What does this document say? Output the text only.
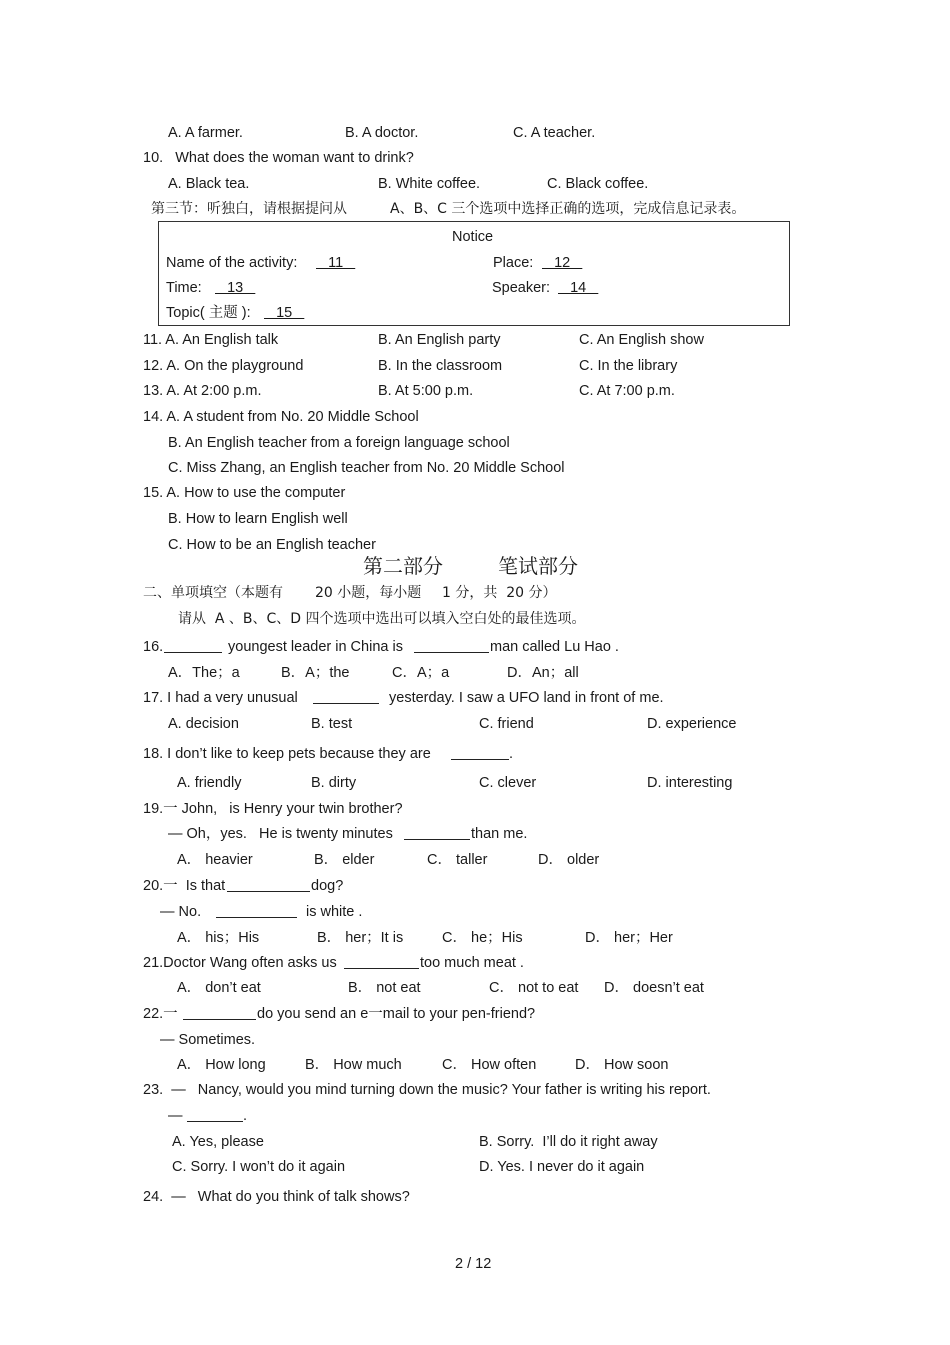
A. A farmer.	B. A doctor.	C. A teacher.
10.   What does the woman want to drink?
A. Black tea.	B. White coffee.	C. Black coffee.
第三节：听独白，请根据提问从	A、B、C 三个选项中选择正确的选项，完成信息记录表。
Notice
Name of the activity: 11	Place: 12
Time: 13	Speaker: 14
Topic( 主题 ): 15
11. A. An English talk	B. An English party	C. An English show
12. A. On the playground	B. In the classroom	C. In the library
13. A. At 2:00 p.m.	B. At 5:00 p.m.	C. At 7:00 p.m.
14. A. A student from No. 20 Middle School
B. An English teacher from a foreign language school
C. Miss Zhang, an English teacher from No. 20 Middle School
15. A. How to use the computer
B. How to learn English well
C. How to be an English teacher
第二部分	笔试部分
二、单项填空（本题有 20 小题，每小题 1 分，共  20 分）
请从  A 、B、C、D 四个选项中选出可以填入空白处的最佳选项。
16.	youngest leader in China is	man called Lu Hao .
A．The；a	B．A；the	C．A；a	D．An；all
17. I had a very unusual	yesterday. I saw a UFO land in front of me.
A. decision	B. test	C. friend	D. experience
18. I don’t like to keep pets because they are	.
A. friendly	B. dirty	C. clever	D. interesting
19.一 John,   is Henry your twin brother?
— Oh，yes.   He is twenty minutes	than me.
A． heavier	B． elder	C． taller	D． older
20.一  Is that	dog?
— No.	is white .
A． his；His	B． her；It is	C． he；His	D． her；Her
21.Doctor Wang often asks us	too much meat .
A． don’t eat	B． not eat	C． not to eat D． doesn’t eat
22.一	do you send an e一mail to your pen-friend?
— Sometimes.
A． How long	B． How much	C． How often	D． How soon
23.  —   Nancy, would you mind turning down the music? Your father is writing his report.
—	.
A. Yes, please	B. Sorry.  I’ll do it right away
C. Sorry. I won’t do it again	D. Yes. I never do it again
24.  —   What do you think of talk shows?
2 / 12
